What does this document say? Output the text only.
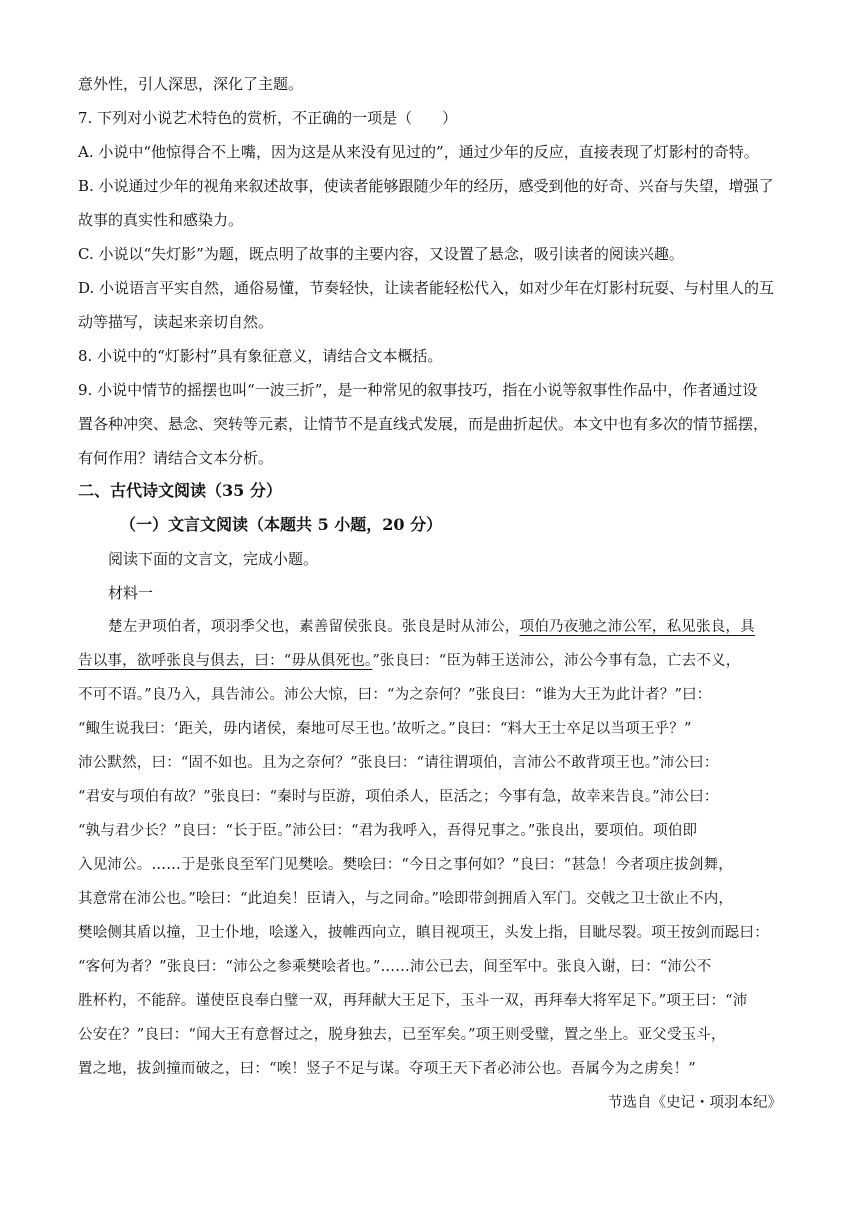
意外性，引人深思，深化了主题。
7. 下列对小说艺术特色的赏析，不正确的一项是（　　）
A. 小说中“他惊得合不上嘴，因为这是从来没有见过的”，通过少年的反应，直接表现了灯影村的奇特。
B. 小说通过少年的视角来叙述故事，使读者能够跟随少年的经历，感受到他的好奇、兴奋与失望，增强了
故事的真实性和感染力。
C. 小说以“失灯影”为题，既点明了故事的主要内容，又设置了悬念，吸引读者的阅读兴趣。
D. 小说语言平实自然，通俗易懂，节奏轻快，让读者能轻松代入，如对少年在灯影村玩耍、与村里人的互
动等描写，读起来亲切自然。
8. 小说中的“灯影村”具有象征意义，请结合文本概括。
9. 小说中情节的摇摆也叫“一波三折”，是一种常见的叙事技巧，指在小说等叙事性作品中，作者通过设
置各种冲突、悬念、突转等元素，让情节不是直线式发展，而是曲折起伏。本文中也有多次的情节摇摆，
有何作用？请结合文本分析。
二、古代诗文阅读（35 分）
（一）文言文阅读（本题共 5 小题，20 分）
阅读下面的文言文，完成小题。
材料一
楚左尹项伯者，项羽季父也，素善留侯张良。张良是时从沛公，项伯乃夜驰之沛公军，私见张良，具
告以事，欲呼张良与俱去，曰：“毋从俱死也。”张良曰：“臣为韩王送沛公，沛公今事有急，亡去不义，
不可不语。”良乃入，具告沛公。沛公大惊，曰：“为之奈何？”张良曰：“谁为大王为此计者？”曰：
“鲰生说我曰：‘距关，毋内诸侯，秦地可尽王也。’故听之。”良曰：“料大王士卒足以当项王乎？”
沛公默然，曰：“固不如也。且为之奈何？”张良曰：“请往谓项伯，言沛公不敢背项王也。”沛公曰：
“君安与项伯有故？”张良曰：“秦时与臣游，项伯杀人，臣活之；今事有急，故幸来告良。”沛公曰：
“孰与君少长？”良曰：“长于臣。”沛公曰：“君为我呼入，吾得兄事之。”张良出，要项伯。项伯即
入见沛公。……于是张良至军门见樊哙。樊哙曰：“今日之事何如？”良曰：“甚急！今者项庄拔剑舞，
其意常在沛公也。”哙曰：“此迫矣！臣请入，与之同命。”哙即带剑拥盾入军门。交戟之卫士欲止不内，
樊哙侧其盾以撞，卫士仆地，哙遂入，披帷西向立，瞋目视项王，头发上指，目眦尽裂。项王按剑而跽曰：
“客何为者？”张良曰：“沛公之参乘樊哙者也。”……沛公已去，间至军中。张良入谢，曰：“沛公不
胜杯杓，不能辞。谨使臣良奉白璧一双，再拜献大王足下，玉斗一双，再拜奉大将军足下。”项王曰：“沛
公安在？”良曰：“闻大王有意督过之，脱身独去，已至军矣。”项王则受璧，置之坐上。亚父受玉斗，
置之地，拔剑撞而破之，曰：“唉！竖子不足与谋。夺项王天下者必沛公也。吾属今为之虏矣！”
节选自《史记・项羽本纪》
